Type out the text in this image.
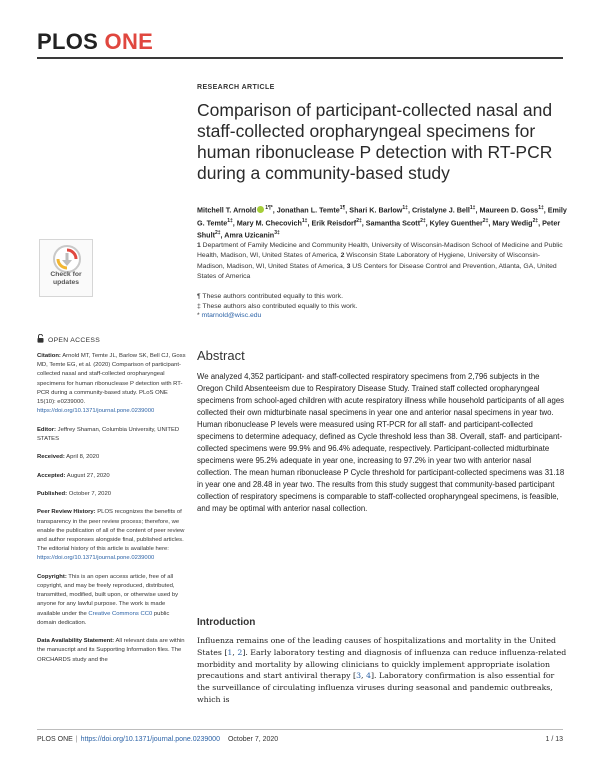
PLOS ONE
Check for
updates
OPEN ACCESS

Citation: Arnold MT, Temte JL, Barlow SK, Bell CJ, Goss MD, Temte EG, et al. (2020) Comparison of participant-collected nasal and staff-collected oropharyngeal specimens for human ribonuclease P detection with RT-PCR during a community-based study. PLoS ONE 15(10): e0239000. https://doi.org/10.1371/journal.pone.0239000

Editor: Jeffrey Shaman, Columbia University, UNITED STATES

Received: April 8, 2020

Accepted: August 27, 2020

Published: October 7, 2020

Peer Review History: PLOS recognizes the benefits of transparency in the peer review process; therefore, we enable the publication of all of the content of peer review and author responses alongside final, published articles. The editorial history of this article is available here: https://doi.org/10.1371/journal.pone.0239000

Copyright: This is an open access article, free of all copyright, and may be freely reproduced, distributed, transmitted, modified, built upon, or otherwise used by anyone for any lawful purpose. The work is made available under the Creative Commons CC0 public domain dedication.

Data Availability Statement: All relevant data are within the manuscript and its Supporting Information files. The ORCHARDS study and the

RESEARCH ARTICLE
Comparison of participant-collected nasal and staff-collected oropharyngeal specimens for human ribonuclease P detection with RT-PCR during a community-based study
Mitchell T. Arnold $^{1\P*}$, Jonathan L. Temte$^{1\P}$, Shari K. Barlow$^{1\ddagger}$, Cristalyne J. Bell$^{1\ddagger}$, Maureen D. Goss$^{1\ddagger}$, Emily G. Temte$^{1\ddagger}$, Mary M. Checovich$^{1\ddagger}$, Erik Reisdorf$^{2\ddagger}$, Samantha Scott$^{2\ddagger}$, Kyley Guenther$^{2\ddagger}$, Mary Wedig$^{2\ddagger}$, Peter Shult$^{2\ddagger}$, Amra Uzicanin$^{3\ddagger}$
1 Department of Family Medicine and Community Health, University of Wisconsin-Madison School of Medicine and Public Health, Madison, WI, United States of America, 2 Wisconsin State Laboratory of Hygiene, University of Wisconsin-Madison, Madison, WI, United States of America, 3 US Centers for Disease Control and Prevention, Atlanta, GA, United States of America
¶ These authors contributed equally to this work.
‡ These authors also contributed equally to this work.
* mtarnold@wisc.edu
Abstract

We analyzed 4,352 participant- and staff-collected respiratory specimens from 2,796 subjects in the Oregon Child Absenteeism due to Respiratory Disease Study. Trained staff collected oropharyngeal specimens from school-aged children with acute respiratory illness while household participants of all ages collected their own midturbinate nasal specimens in year one and anterior nasal specimens in year two. Human ribonuclease P levels were measured using RT-PCR for all staff- and participant-collected specimens to determine adequacy, defined as Cycle threshold less than 38. Overall, staff- and participant-collected specimens were 99.9% and 96.4% adequate, respectively. Participant-collected midturbinate specimens were 95.2% adequate in year one, increasing to 97.2% in year two with anterior nasal collection. The mean human ribonuclease P Cycle threshold for participant-collected specimens was 31.18 in year one and 28.48 in year two. The results from this study suggest that community-based participant collection of respiratory specimens is comparable to staff-collected oropharyngeal specimens, is feasible, and may be optimal with anterior nasal collection.

Introduction

Influenza remains one of the leading causes of hospitalizations and mortality in the United States [1, 2]. Early laboratory testing and diagnosis of influenza can reduce influenza-related morbidity and mortality by allowing clinicians to quickly implement appropriate isolation precautions and start antiviral therapy [3, 4]. Laboratory confirmation is also essential for the surveillance of circulating influenza viruses during seasonal and pandemic outbreaks, which is

PLOS ONE | https://doi.org/10.1371/journal.pone.0239000 October 7, 2020	1 / 13
